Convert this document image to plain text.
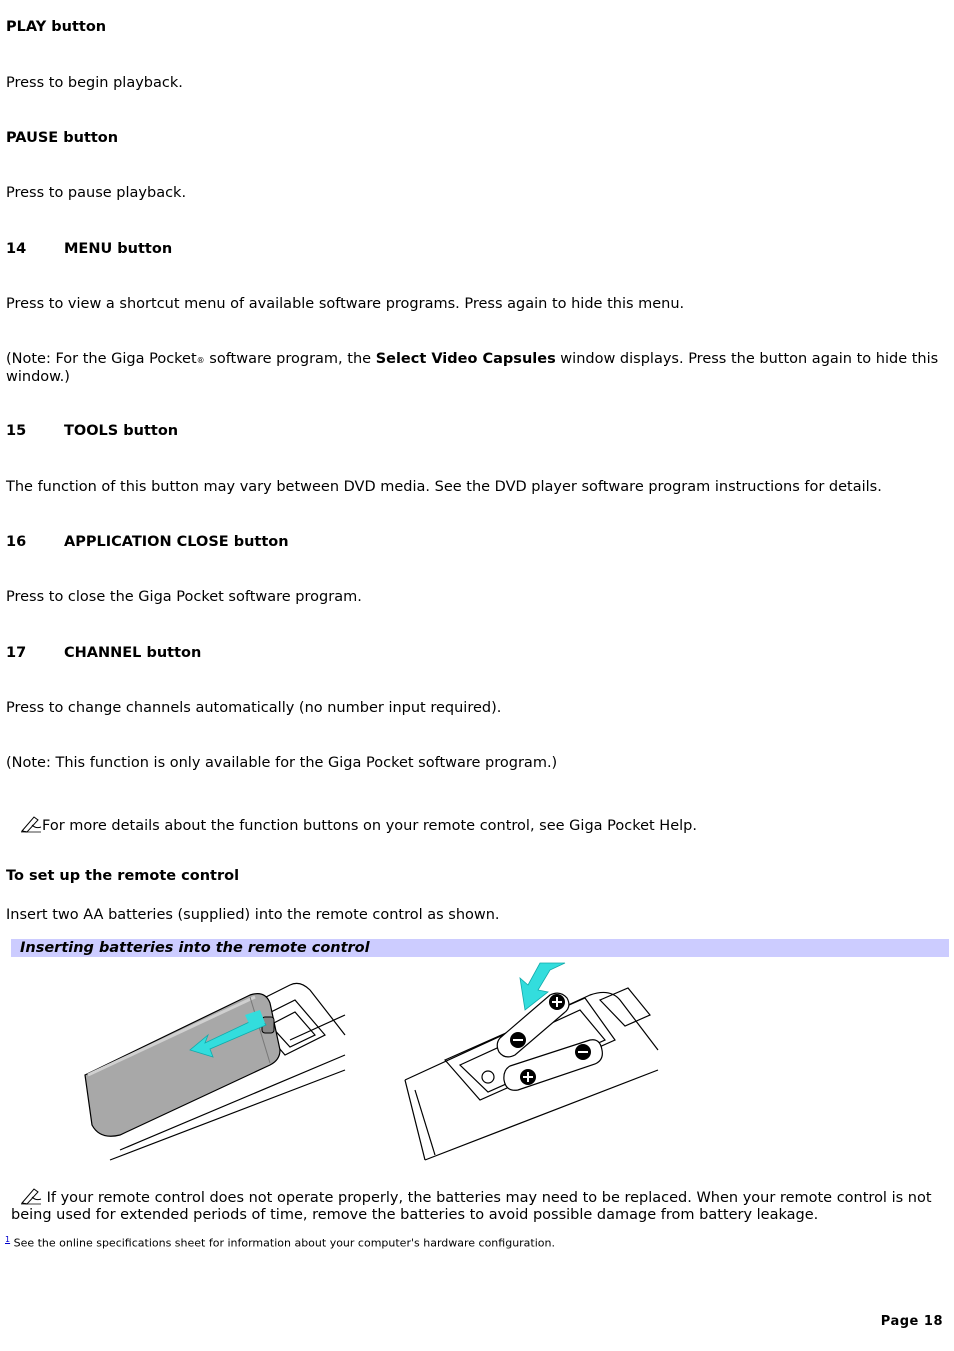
PLAY button
Press to begin playback.
PAUSE button
Press to pause playback.
14	MENU button
Press to view a shortcut menu of available software programs. Press again to hide this menu.
(Note: For the Giga Pocket® software program, the Select Video Capsules window displays. Press the button again to hide this window.)
15	TOOLS button
The function of this button may vary between DVD media. See the DVD player software program instructions for details.
16	APPLICATION CLOSE button
Press to close the Giga Pocket software program.
17	CHANNEL button
Press to change channels automatically (no number input required).
(Note: This function is only available for the Giga Pocket software program.)
For more details about the function buttons on your remote control, see Giga Pocket Help.
To set up the remote control
Insert two AA batteries (supplied) into the remote control as shown.
Inserting batteries into the remote control
If your remote control does not operate properly, the batteries may need to be replaced. When your remote control is not being used for extended periods of time, remove the batteries to avoid possible damage from battery leakage.
$^1$ See the online specifications sheet for information about your computer's hardware configuration.
Page 18
